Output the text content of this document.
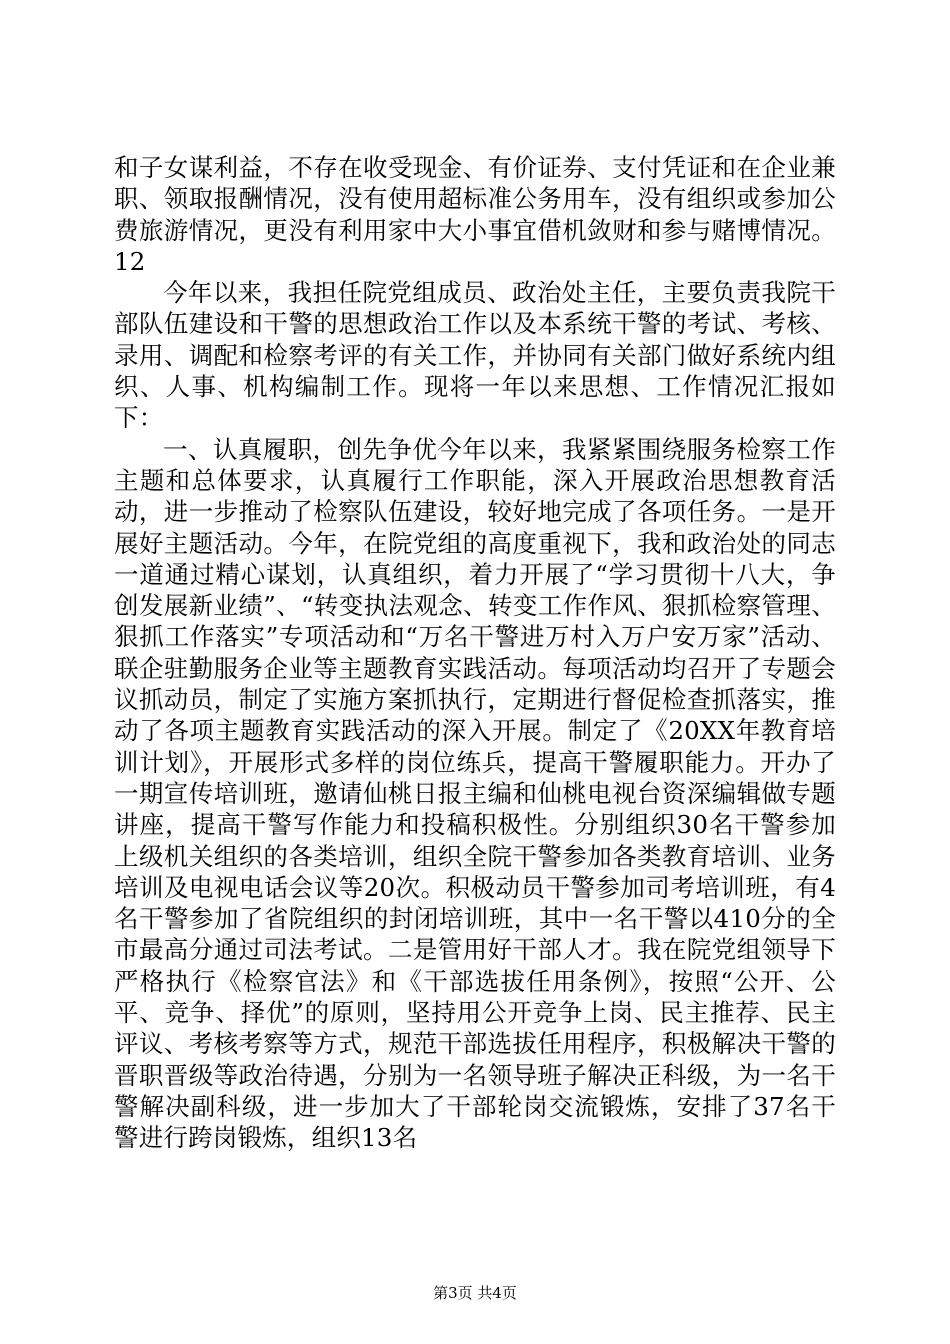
和子女谋利益，不存在收受现金、有价证券、支付凭证和在企业兼职、领取报酬情况，没有使用超标准公务用车，没有组织或参加公费旅游情况，更没有利用家中大小事宜借机敛财和参与赌博情况。12

今年以来，我担任院党组成员、政治处主任，主要负责我院干部队伍建设和干警的思想政治工作以及本系统干警的考试、考核、录用、调配和检察考评的有关工作，并协同有关部门做好系统内组织、人事、机构编制工作。现将一年以来思想、工作情况汇报如下：

一、认真履职，创先争优今年以来，我紧紧围绕服务检察工作主题和总体要求，认真履行工作职能，深入开展政治思想教育活动，进一步推动了检察队伍建设，较好地完成了各项任务。一是开展好主题活动。今年，在院党组的高度重视下，我和政治处的同志一道通过精心谋划，认真组织，着力开展了“学习贯彻十八大，争创发展新业绩”、“转变执法观念、转变工作作风、狠抓检察管理、狠抓工作落实”专项活动和“万名干警进万村入万户安万家”活动、联企驻勤服务企业等主题教育实践活动。每项活动均召开了专题会议抓动员，制定了实施方案抓执行，定期进行督促检查抓落实，推动了各项主题教育实践活动的深入开展。制定了《20XX年教育培训计划》，开展形式多样的岗位练兵，提高干警履职能力。开办了一期宣传培训班，邀请仙桃日报主编和仙桃电视台资深编辑做专题讲座，提高干警写作能力和投稿积极性。分别组织30名干警参加上级机关组织的各类培训，组织全院干警参加各类教育培训、业务培训及电视电话会议等20次。积极动员干警参加司考培训班，有4名干警参加了省院组织的封闭培训班，其中一名干警以410分的全市最高分通过司法考试。二是管用好干部人才。我在院党组领导下严格执行《检察官法》和《干部选拔任用条例》，按照“公开、公平、竞争、择优”的原则，坚持用公开竞争上岗、民主推荐、民主评议、考核考察等方式，规范干部选拔任用程序，积极解决干警的晋职晋级等政治待遇，分别为一名领导班子解决正科级，为一名干警解决副科级，进一步加大了干部轮岗交流锻炼，安排了37名干警进行跨岗锻炼，组织13名

第3页 共4页
